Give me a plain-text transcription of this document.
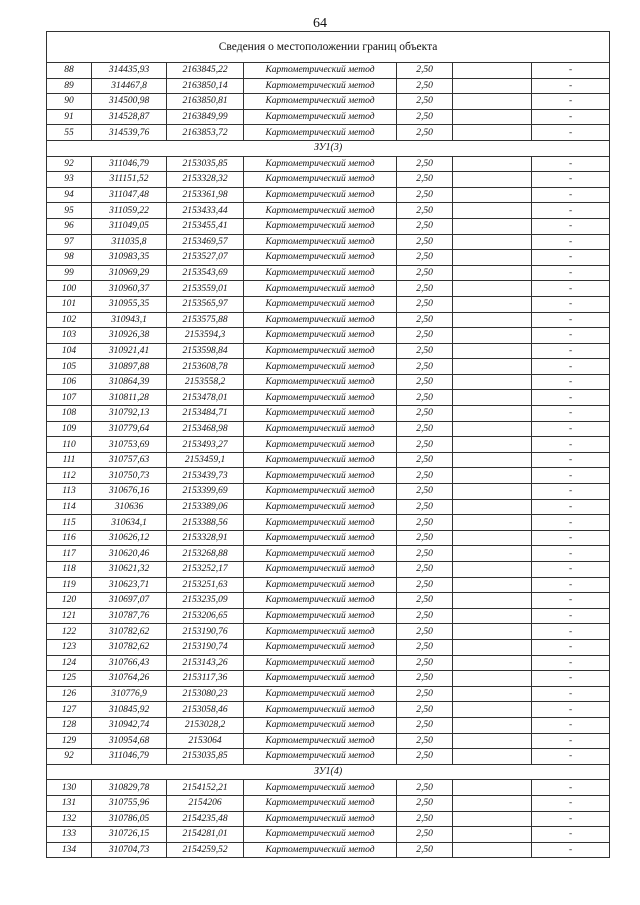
64
Сведения о местоположении границ объекта						
88	314435,93	2163845,22	Картометрический метод	2,50		-
89	314467,8	2163850,14	Картометрический метод	2,50		-
90	314500,98	2163850,81	Картометрический метод	2,50		-
91	314528,87	2163849,99	Картометрический метод	2,50		-
55	314539,76	2163853,72	Картометрический метод	2,50		-
ЗУ1(3)						
92	311046,79	2153035,85	Картометрический метод	2,50		-
93	311151,52	2153328,32	Картометрический метод	2,50		-
94	311047,48	2153361,98	Картометрический метод	2,50		-
95	311059,22	2153433,44	Картометрический метод	2,50		-
96	311049,05	2153455,41	Картометрический метод	2,50		-
97	311035,8	2153469,57	Картометрический метод	2,50		-
98	310983,35	2153527,07	Картометрический метод	2,50		-
99	310969,29	2153543,69	Картометрический метод	2,50		-
100	310960,37	2153559,01	Картометрический метод	2,50		-
101	310955,35	2153565,97	Картометрический метод	2,50		-
102	310943,1	2153575,88	Картометрический метод	2,50		-
103	310926,38	2153594,3	Картометрический метод	2,50		-
104	310921,41	2153598,84	Картометрический метод	2,50		-
105	310897,88	2153608,78	Картометрический метод	2,50		-
106	310864,39	2153558,2	Картометрический метод	2,50		-
107	310811,28	2153478,01	Картометрический метод	2,50		-
108	310792,13	2153484,71	Картометрический метод	2,50		-
109	310779,64	2153468,98	Картометрический метод	2,50		-
110	310753,69	2153493,27	Картометрический метод	2,50		-
111	310757,63	2153459,1	Картометрический метод	2,50		-
112	310750,73	2153439,73	Картометрический метод	2,50		-
113	310676,16	2153399,69	Картометрический метод	2,50		-
114	310636	2153389,06	Картометрический метод	2,50		-
115	310634,1	2153388,56	Картометрический метод	2,50		-
116	310626,12	2153328,91	Картометрический метод	2,50		-
117	310620,46	2153268,88	Картометрический метод	2,50		-
118	310621,32	2153252,17	Картометрический метод	2,50		-
119	310623,71	2153251,63	Картометрический метод	2,50		-
120	310697,07	2153235,09	Картометрический метод	2,50		-
121	310787,76	2153206,65	Картометрический метод	2,50		-
122	310782,62	2153190,76	Картометрический метод	2,50		-
123	310782,62	2153190,74	Картометрический метод	2,50		-
124	310766,43	2153143,26	Картометрический метод	2,50		-
125	310764,26	2153117,36	Картометрический метод	2,50		-
126	310776,9	2153080,23	Картометрический метод	2,50		-
127	310845,92	2153058,46	Картометрический метод	2,50		-
128	310942,74	2153028,2	Картометрический метод	2,50		-
129	310954,68	2153064	Картометрический метод	2,50		-
92	311046,79	2153035,85	Картометрический метод	2,50		-
ЗУ1(4)						
130	310829,78	2154152,21	Картометрический метод	2,50		-
131	310755,96	2154206	Картометрический метод	2,50		-
132	310786,05	2154235,48	Картометрический метод	2,50		-
133	310726,15	2154281,01	Картометрический метод	2,50		-
134	310704,73	2154259,52	Картометрический метод	2,50		-
